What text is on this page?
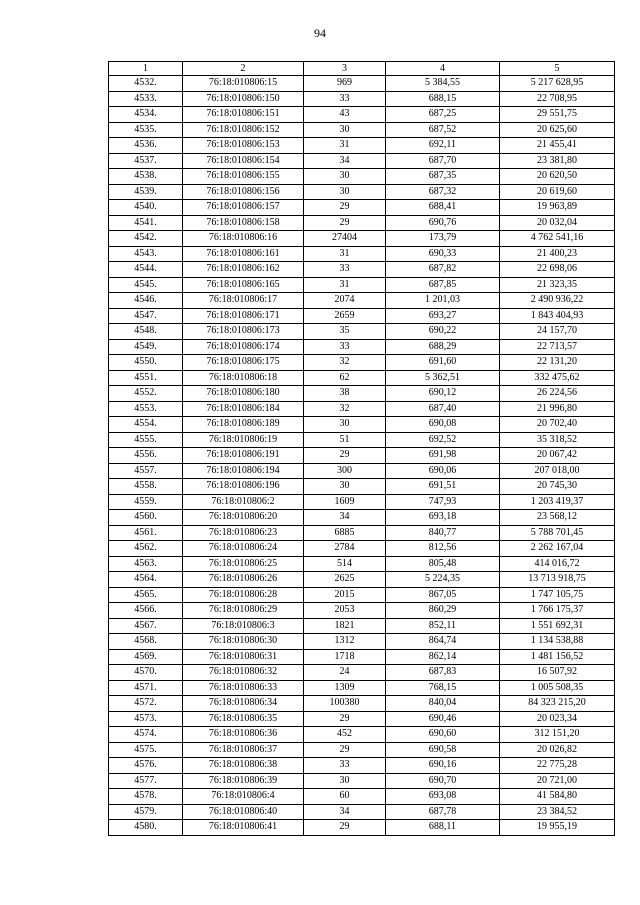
94
1	2	3	4	5
4532.	76:18:010806:15	969	5 384,55	5 217 628,95
4533.	76:18:010806:150	33	688,15	22 708,95
4534.	76:18:010806:151	43	687,25	29 551,75
4535.	76:18:010806:152	30	687,52	20 625,60
4536.	76:18:010806:153	31	692,11	21 455,41
4537.	76:18:010806:154	34	687,70	23 381,80
4538.	76:18:010806:155	30	687,35	20 620,50
4539.	76:18:010806:156	30	687,32	20 619,60
4540.	76:18:010806:157	29	688,41	19 963,89
4541.	76:18:010806:158	29	690,76	20 032,04
4542.	76:18:010806:16	27404	173,79	4 762 541,16
4543.	76:18:010806:161	31	690,33	21 400,23
4544.	76:18:010806:162	33	687,82	22 698,06
4545.	76:18:010806:165	31	687,85	21 323,35
4546.	76:18:010806:17	2074	1 201,03	2 490 936,22
4547.	76:18:010806:171	2659	693,27	1 843 404,93
4548.	76:18:010806:173	35	690,22	24 157,70
4549.	76:18:010806:174	33	688,29	22 713,57
4550.	76:18:010806:175	32	691,60	22 131,20
4551.	76:18:010806:18	62	5 362,51	332 475,62
4552.	76:18:010806:180	38	690,12	26 224,56
4553.	76:18:010806:184	32	687,40	21 996,80
4554.	76:18:010806:189	30	690,08	20 702,40
4555.	76:18:010806:19	51	692,52	35 318,52
4556.	76:18:010806:191	29	691,98	20 067,42
4557.	76:18:010806:194	300	690,06	207 018,00
4558.	76:18:010806:196	30	691,51	20 745,30
4559.	76:18:010806:2	1609	747,93	1 203 419,37
4560.	76:18:010806:20	34	693,18	23 568,12
4561.	76:18:010806:23	6885	840,77	5 788 701,45
4562.	76:18:010806:24	2784	812,56	2 262 167,04
4563.	76:18:010806:25	514	805,48	414 016,72
4564.	76:18:010806:26	2625	5 224,35	13 713 918,75
4565.	76:18:010806:28	2015	867,05	1 747 105,75
4566.	76:18:010806:29	2053	860,29	1 766 175,37
4567.	76:18:010806:3	1821	852,11	1 551 692,31
4568.	76:18:010806:30	1312	864,74	1 134 538,88
4569.	76:18:010806:31	1718	862,14	1 481 156,52
4570.	76:18:010806:32	24	687,83	16 507,92
4571.	76:18:010806:33	1309	768,15	1 005 508,35
4572.	76:18:010806:34	100380	840,04	84 323 215,20
4573.	76:18:010806:35	29	690,46	20 023,34
4574.	76:18:010806:36	452	690,60	312 151,20
4575.	76:18:010806:37	29	690,58	20 026,82
4576.	76:18:010806:38	33	690,16	22 775,28
4577.	76:18:010806:39	30	690,70	20 721,00
4578.	76:18:010806:4	60	693,08	41 584,80
4579.	76:18:010806:40	34	687,78	23 384,52
4580.	76:18:010806:41	29	688,11	19 955,19
